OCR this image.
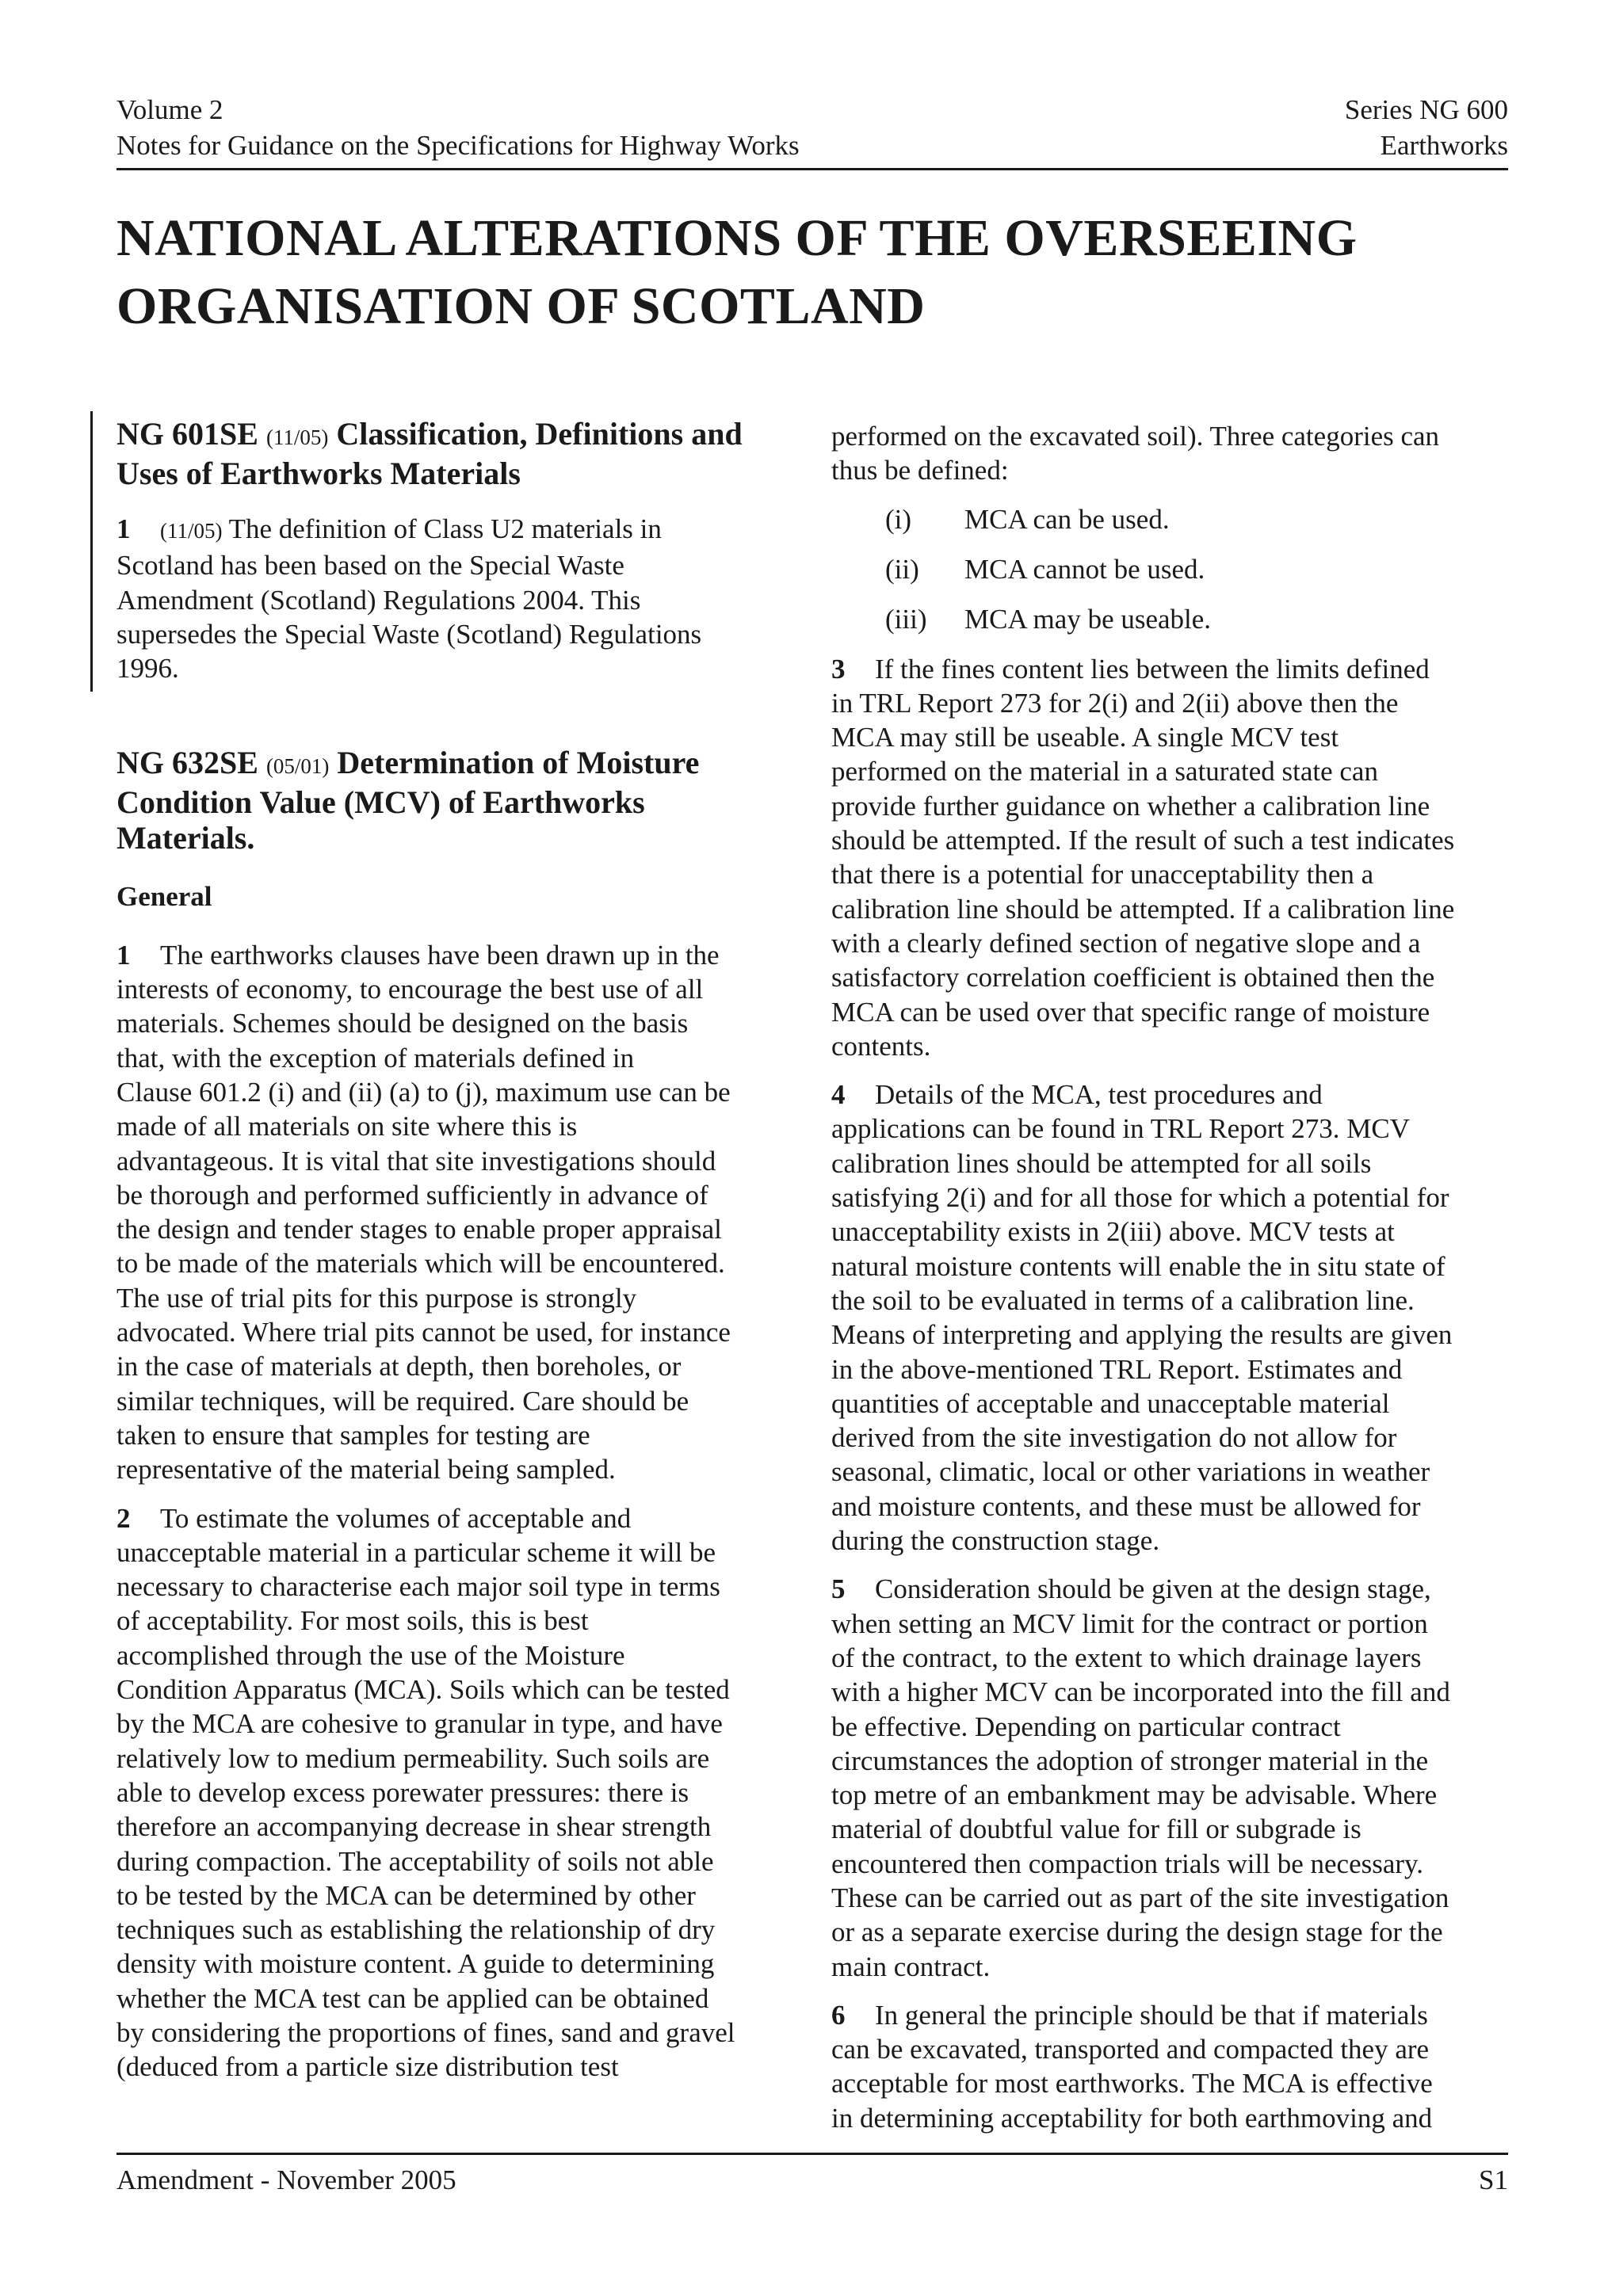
Volume 2
Notes for Guidance on the Specifications for Highway Works
Series NG 600
Earthworks
NATIONAL ALTERATIONS OF THE OVERSEEING
ORGANISATION OF SCOTLAND
NG 601SE (11/05) Classification, Definitions and
Uses of Earthworks Materials

1 (11/05) The definition of Class U2 materials in
Scotland has been based on the Special Waste
Amendment (Scotland) Regulations 2004. This
supersedes the Special Waste (Scotland) Regulations
1996.

NG 632SE (05/01) Determination of Moisture
Condition Value (MCV) of Earthworks
Materials.

General

1 The earthworks clauses have been drawn up in the
interests of economy, to encourage the best use of all
materials. Schemes should be designed on the basis
that, with the exception of materials defined in
Clause 601.2 (i) and (ii) (a) to (j), maximum use can be
made of all materials on site where this is
advantageous. It is vital that site investigations should
be thorough and performed sufficiently in advance of
the design and tender stages to enable proper appraisal
to be made of the materials which will be encountered.
The use of trial pits for this purpose is strongly
advocated. Where trial pits cannot be used, for instance
in the case of materials at depth, then boreholes, or
similar techniques, will be required. Care should be
taken to ensure that samples for testing are
representative of the material being sampled.

2 To estimate the volumes of acceptable and
unacceptable material in a particular scheme it will be
necessary to characterise each major soil type in terms
of acceptability. For most soils, this is best
accomplished through the use of the Moisture
Condition Apparatus (MCA). Soils which can be tested
by the MCA are cohesive to granular in type, and have
relatively low to medium permeability. Such soils are
able to develop excess porewater pressures: there is
therefore an accompanying decrease in shear strength
during compaction. The acceptability of soils not able
to be tested by the MCA can be determined by other
techniques such as establishing the relationship of dry
density with moisture content. A guide to determining
whether the MCA test can be applied can be obtained
by considering the proportions of fines, sand and gravel
(deduced from a particle size distribution test

performed on the excavated soil). Three categories can
thus be defined:

(i) MCA can be used.
(ii) MCA cannot be used.
(iii) MCA may be useable.

3 If the fines content lies between the limits defined
in TRL Report 273 for 2(i) and 2(ii) above then the
MCA may still be useable. A single MCV test
performed on the material in a saturated state can
provide further guidance on whether a calibration line
should be attempted. If the result of such a test indicates
that there is a potential for unacceptability then a
calibration line should be attempted. If a calibration line
with a clearly defined section of negative slope and a
satisfactory correlation coefficient is obtained then the
MCA can be used over that specific range of moisture
contents.

4 Details of the MCA, test procedures and
applications can be found in TRL Report 273. MCV
calibration lines should be attempted for all soils
satisfying 2(i) and for all those for which a potential for
unacceptability exists in 2(iii) above. MCV tests at
natural moisture contents will enable the in situ state of
the soil to be evaluated in terms of a calibration line.
Means of interpreting and applying the results are given
in the above-mentioned TRL Report. Estimates and
quantities of acceptable and unacceptable material
derived from the site investigation do not allow for
seasonal, climatic, local or other variations in weather
and moisture contents, and these must be allowed for
during the construction stage.

5 Consideration should be given at the design stage,
when setting an MCV limit for the contract or portion
of the contract, to the extent to which drainage layers
with a higher MCV can be incorporated into the fill and
be effective. Depending on particular contract
circumstances the adoption of stronger material in the
top metre of an embankment may be advisable. Where
material of doubtful value for fill or subgrade is
encountered then compaction trials will be necessary.
These can be carried out as part of the site investigation
or as a separate exercise during the design stage for the
main contract.

6 In general the principle should be that if materials
can be excavated, transported and compacted they are
acceptable for most earthworks. The MCA is effective
in determining acceptability for both earthmoving and

Amendment - November 2005	S1
